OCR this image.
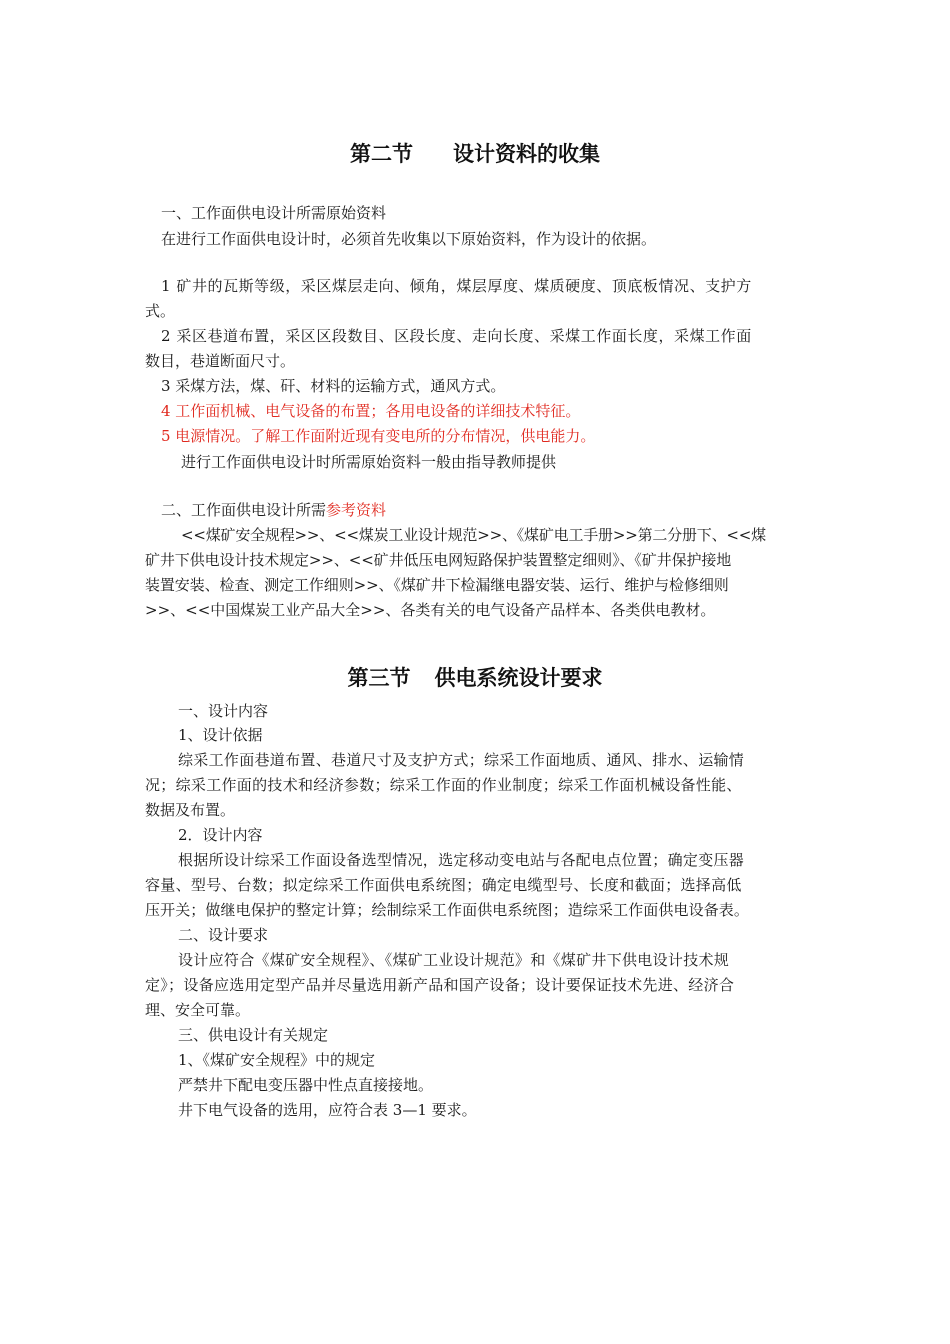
第二节 设计资料的收集
一、工作面供电设计所需原始资料
在进行工作面供电设计时，必须首先收集以下原始资料，作为设计的依据。
1 矿井的瓦斯等级，采区煤层走向、倾角，煤层厚度、煤质硬度、顶底板情况、支护方
式。
2 采区巷道布置，采区区段数目、区段长度、走向长度、采煤工作面长度，采煤工作面
数目，巷道断面尺寸。
3 采煤方法，煤、矸、材料的运输方式，通风方式。
4 工作面机械、电气设备的布置；各用电设备的详细技术特征。
5 电源情况。了解工作面附近现有变电所的分布情况，供电能力。
进行工作面供电设计时所需原始资料一般由指导教师提供
二、工作面供电设计所需参考资料
<<煤矿安全规程>>、<<煤炭工业设计规范>>、《煤矿电工手册>>第二分册下、<<煤
矿井下供电设计技术规定>>、<<矿井低压电网短路保护装置整定细则》、《矿井保护接地
装置安装、检查、测定工作细则>>、《煤矿井下检漏继电器安装、运行、维护与检修细则
>>、<<中国煤炭工业产品大全>>、各类有关的电气设备产品样本、各类供电教材。
第三节 供电系统设计要求
一、设计内容
1、设计依据
综采工作面巷道布置、巷道尺寸及支护方式；综采工作面地质、通风、排水、运输情
况；综采工作面的技术和经济参数；综采工作面的作业制度；综采工作面机械设备性能、
数据及布置。
2．设计内容
根据所设计综采工作面设备选型情况，选定移动变电站与各配电点位置；确定变压器
容量、型号、台数；拟定综采工作面供电系统图；确定电缆型号、长度和截面；选择高低
压开关；做继电保护的整定计算；绘制综采工作面供电系统图；造综采工作面供电设备表。
二、设计要求
设计应符合《煤矿安全规程》、《煤矿工业设计规范》和《煤矿井下供电设计技术规
定》；设备应选用定型产品并尽量选用新产品和国产设备；设计要保证技术先进、经济合
理、安全可靠。
三、供电设计有关规定
1、《煤矿安全规程》中的规定
严禁井下配电变压器中性点直接接地。
井下电气设备的选用，应符合表 3—1 要求。
